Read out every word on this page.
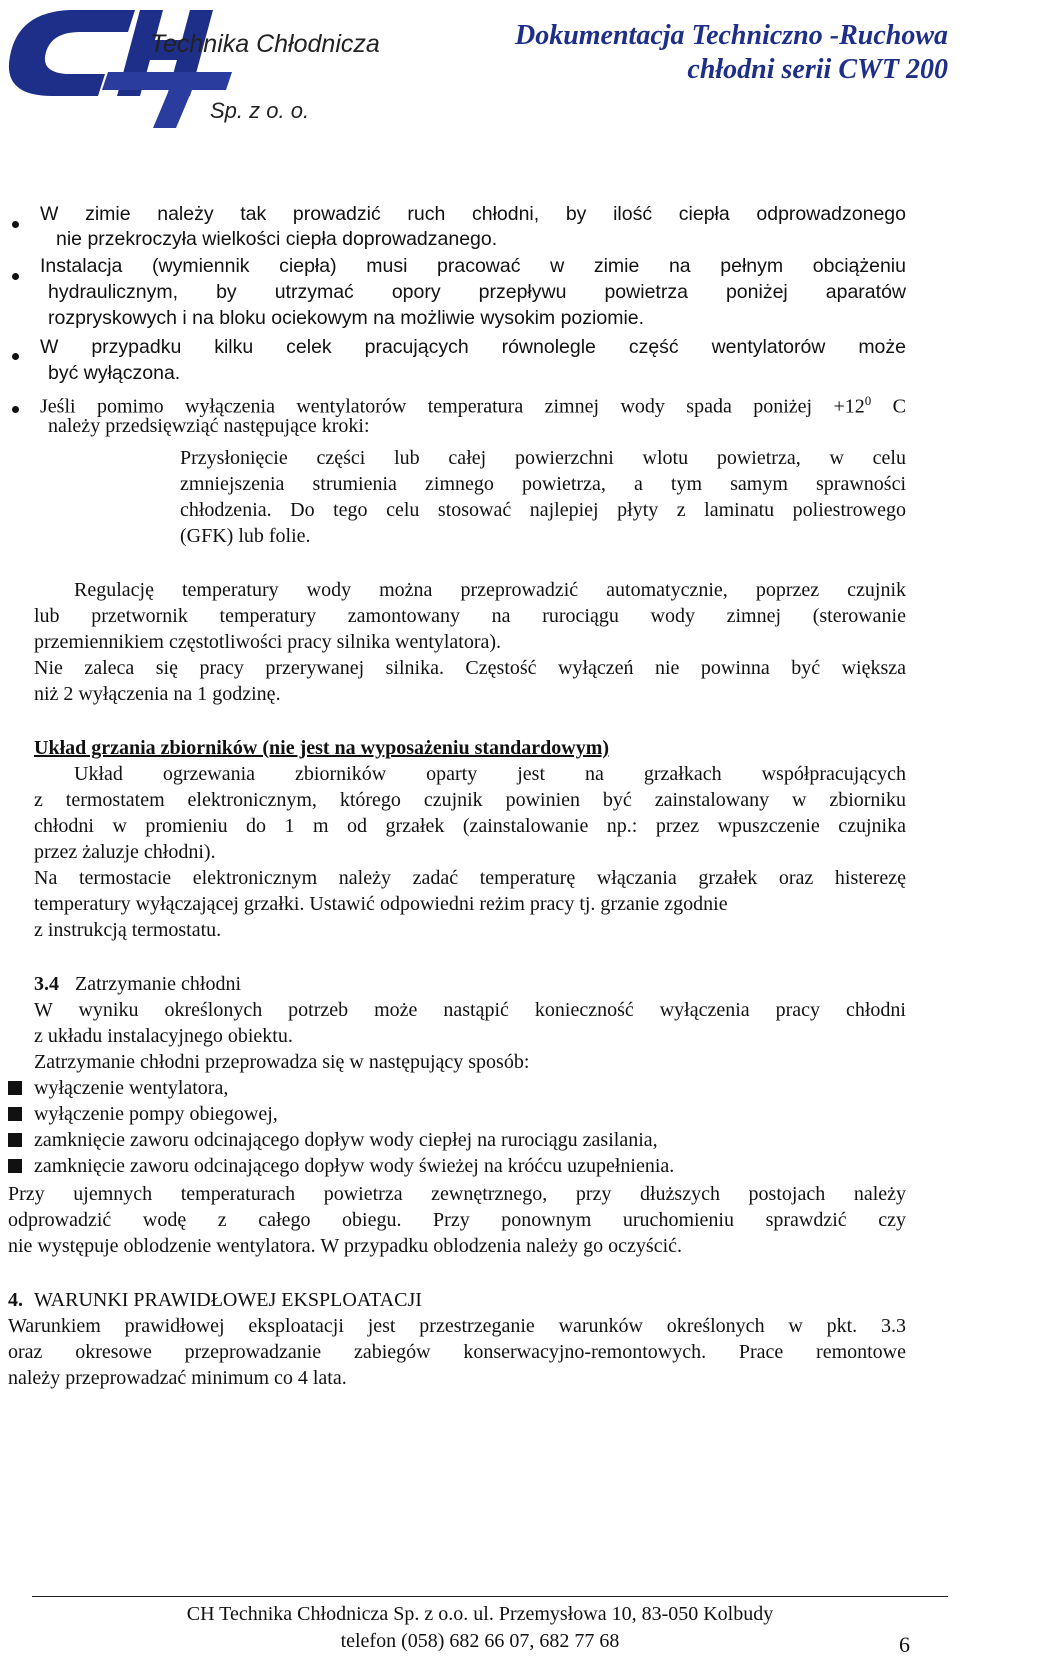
Technika Chłodnicza
Sp. z o. o.
Dokumentacja Techniczno -Ruchowa
chłodni serii CWT 200
W zimie należy tak prowadzić ruch chłodni, by ilość ciepła odprowadzonego
nie przekroczyła wielkości ciepła doprowadzanego.
Instalacja (wymiennik ciepła) musi pracować w zimie na pełnym obciążeniu
hydraulicznym, by utrzymać opory przepływu powietrza poniżej aparatów
rozpryskowych i na bloku ociekowym na możliwie wysokim poziomie.
W przypadku kilku celek pracujących równolegle część wentylatorów może
być wyłączona.
Jeśli pomimo wyłączenia wentylatorów temperatura zimnej wody spada poniżej $+12^0$ C
należy przedsięwziąć następujące kroki:
Przysłonięcie części lub całej powierzchni wlotu powietrza, w celu
zmniejszenia strumienia zimnego powietrza, a tym samym sprawności
chłodzenia. Do tego celu stosować najlepiej płyty z laminatu poliestrowego
(GFK) lub folie.
Regulację temperatury wody można przeprowadzić automatycznie, poprzez czujnik
lub przetwornik temperatury zamontowany na rurociągu wody zimnej (sterowanie
przemiennikiem częstotliwości pracy silnika wentylatora).
Nie zaleca się pracy przerywanej silnika. Częstość wyłączeń nie powinna być większa
niż 2 wyłączenia na 1 godzinę.
Układ grzania zbiorników (nie jest na wyposażeniu standardowym)
Układ ogrzewania zbiorników oparty jest na grzałkach współpracujących
z termostatem elektronicznym, którego czujnik powinien być zainstalowany w zbiorniku
chłodni w promieniu do 1 m od grzałek (zainstalowanie np.: przez wpuszczenie czujnika
przez żaluzje chłodni).
Na termostacie elektronicznym należy zadać temperaturę włączania grzałek oraz histerezę
temperatury wyłączającej grzałki. Ustawić odpowiedni reżim pracy tj. grzanie zgodnie
z instrukcją termostatu.
3.4 Zatrzymanie chłodni
W wyniku określonych potrzeb może nastąpić konieczność wyłączenia pracy chłodni
z układu instalacyjnego obiektu.
Zatrzymanie chłodni przeprowadza się w następujący sposób:
wyłączenie wentylatora,
wyłączenie pompy obiegowej,
zamknięcie zaworu odcinającego dopływ wody ciepłej na rurociągu zasilania,
zamknięcie zaworu odcinającego dopływ wody świeżej na króćcu uzupełnienia.
Przy ujemnych temperaturach powietrza zewnętrznego, przy dłuższych postojach należy
odprowadzić wodę z całego obiegu. Przy ponownym uruchomieniu sprawdzić czy
nie występuje oblodzenie wentylatora. W przypadku oblodzenia należy go oczyścić.
4. WARUNKI PRAWIDŁOWEJ EKSPLOATACJI
Warunkiem prawidłowej eksploatacji jest przestrzeganie warunków określonych w pkt. 3.3
oraz okresowe przeprowadzanie zabiegów konserwacyjno-remontowych. Prace remontowe
należy przeprowadzać minimum co 4 lata.
CH Technika Chłodnicza Sp. z o.o. ul. Przemysłowa 10, 83-050 Kolbudy
telefon (058) 682 66 07, 682 77 68	6
